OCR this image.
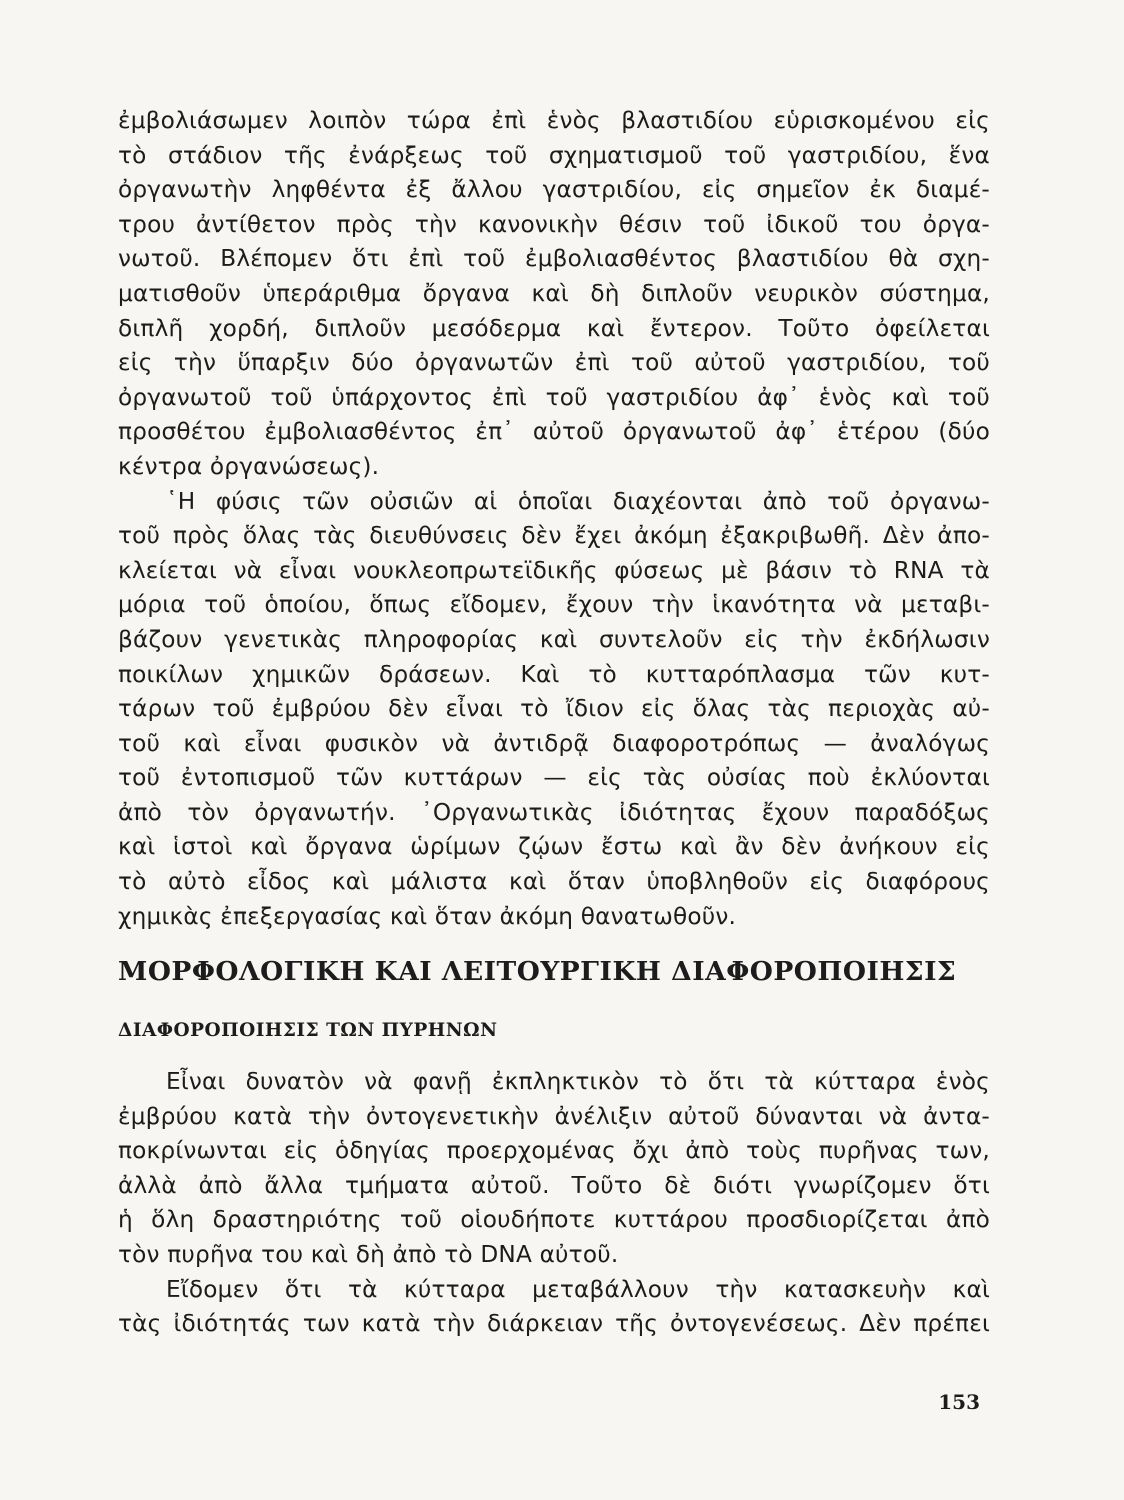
ἐμβολιάσωμεν λοιπὸν τώρα ἐπὶ ἑνὸς βλαστιδίου εὑρισκομένου εἰς
τὸ στάδιον τῆς ἐνάρξεως τοῦ σχηματισμοῦ τοῦ γαστριδίου, ἕνα
ὀργανωτὴν ληφθέντα ἐξ ἄλλου γαστριδίου, εἰς σημεῖον ἐκ διαμέ-
τρου ἀντίθετον πρὸς τὴν κανονικὴν θέσιν τοῦ ἰδικοῦ του ὀργα-
νωτοῦ. Βλέπομεν ὅτι ἐπὶ τοῦ ἐμβολιασθέντος βλαστιδίου θὰ σχη-
ματισθοῦν ὑπεράριθμα ὄργανα καὶ δὴ διπλοῦν νευρικὸν σύστημα,
διπλῆ χορδή, διπλοῦν μεσόδερμα καὶ ἔντερον. Τοῦτο ὀφείλεται
εἰς τὴν ὕπαρξιν δύο ὀργανωτῶν ἐπὶ τοῦ αὐτοῦ γαστριδίου, τοῦ
ὀργανωτοῦ τοῦ ὑπάρχοντος ἐπὶ τοῦ γαστριδίου ἀφ᾽ ἑνὸς καὶ τοῦ
προσθέτου ἐμβολιασθέντος ἐπ᾽ αὐτοῦ ὀργανωτοῦ ἀφ᾽ ἑτέρου (δύο
κέντρα ὀργανώσεως).
῾Η φύσις τῶν οὐσιῶν αἱ ὁποῖαι διαχέονται ἀπὸ τοῦ ὀργανω-
τοῦ πρὸς ὅλας τὰς διευθύνσεις δὲν ἔχει ἀκόμη ἐξακριβωθῆ. Δὲν ἀπο-
κλείεται νὰ εἶναι νουκλεοπρωτεϊδικῆς φύσεως μὲ βάσιν τὸ RNA τὰ
μόρια τοῦ ὁποίου, ὅπως εἴδομεν, ἔχουν τὴν ἱκανότητα νὰ μεταβι-
βάζουν γενετικὰς πληροφορίας καὶ συντελοῦν εἰς τὴν ἐκδήλωσιν
ποικίλων χημικῶν δράσεων. Καὶ τὸ κυτταρόπλασμα τῶν κυτ-
τάρων τοῦ ἐμβρύου δὲν εἶναι τὸ ἴδιον εἰς ὅλας τὰς περιοχὰς αὐ-
τοῦ καὶ εἶναι φυσικὸν νὰ ἀντιδρᾷ διαφοροτρόπως — ἀναλόγως
τοῦ ἐντοπισμοῦ τῶν κυττάρων — εἰς τὰς οὐσίας ποὺ ἐκλύονται
ἀπὸ τὸν ὀργανωτήν. ᾿Οργανωτικὰς ἰδιότητας ἔχουν παραδόξως
καὶ ἱστοὶ καὶ ὄργανα ὡρίμων ζῴων ἔστω καὶ ἂν δὲν ἀνήκουν εἰς
τὸ αὐτὸ εἶδος καὶ μάλιστα καὶ ὅταν ὑποβληθοῦν εἰς διαφόρους
χημικὰς ἐπεξεργασίας καὶ ὅταν ἀκόμη θανατωθοῦν.
ΜΟΡΦΟΛΟΓΙΚΗ ΚΑΙ ΛΕΙΤΟΥΡΓΙΚΗ ΔΙΑΦΟΡΟΠΟΙΗΣΙΣ
ΔΙΑΦΟΡΟΠΟΙΗΣΙΣ ΤΩΝ ΠΥΡΗΝΩΝ
Εἶναι δυνατὸν νὰ φανῇ ἐκπληκτικὸν τὸ ὅτι τὰ κύτταρα ἑνὸς
ἐμβρύου κατὰ τὴν ὀντογενετικὴν ἀνέλιξιν αὐτοῦ δύνανται νὰ ἀντα-
ποκρίνωνται εἰς ὁδηγίας προερχομένας ὄχι ἀπὸ τοὺς πυρῆνας των,
ἀλλὰ ἀπὸ ἄλλα τμήματα αὐτοῦ. Τοῦτο δὲ διότι γνωρίζομεν ὅτι
ἡ ὅλη δραστηριότης τοῦ οἱουδήποτε κυττάρου προσδιορίζεται ἀπὸ
τὸν πυρῆνα του καὶ δὴ ἀπὸ τὸ DNA αὐτοῦ.
Εἴδομεν ὅτι τὰ κύτταρα μεταβάλλουν τὴν κατασκευὴν καὶ
τὰς ἰδιότητάς των κατὰ τὴν διάρκειαν τῆς ὀντογενέσεως. Δὲν πρέπει
153
